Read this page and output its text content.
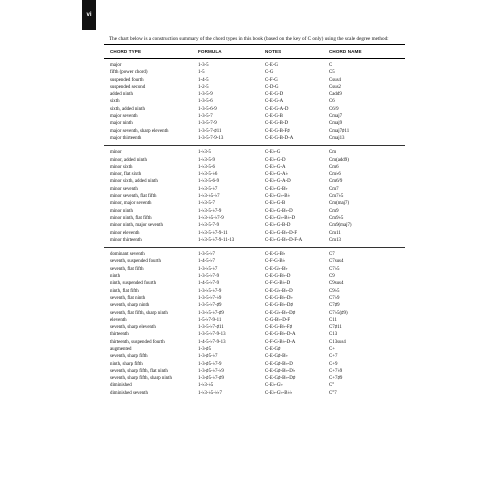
vi
The chart below is a construction summary of the chord types in this book (based on the key of C only) using the scale degree method:
CHORD TYPE	FORMULA	NOTES	CHORD NAME
major	1-3-5	C-E-G	C
fifth (power chord)	1-5	C-G	C5
suspended fourth	1-4-5	C-F-G	Csus4
suspended second	1-2-5	C-D-G	Csus2
added ninth	1-3-5-9	C-E-G-D	Cadd9
sixth	1-3-5-6	C-E-G-A	C6
sixth, added ninth	1-3-5-6-9	C-E-G-A-D	C6/9
major seventh	1-3-5-7	C-E-G-B	Cmaj7
major ninth	1-3-5-7-9	C-E-G-B-D	Cmaj9
major seventh, sharp eleventh	1-3-5-7-♯11	C-E-G-B-F♯	Cmaj7♯11
major thirteenth	1-3-5-7-9-13	C-E-G-B-D-A	Cmaj13
minor	1-♭3-5	C-E♭-G	Cm
minor, added ninth	1-♭3-5-9	C-E♭-G-D	Cm(add9)
minor sixth	1-♭3-5-6	C-E♭-G-A	Cm6
minor, flat sixth	1-♭3-5-♭6	C-E♭-G-A♭	Cm♭6
minor sixth, added ninth	1-♭3-5-6-9	C-E♭-G-A-D	Cm6/9
minor seventh	1-♭3-5-♭7	C-E♭-G-B♭	Cm7
minor seventh, flat fifth	1-♭3-♭5-♭7	C-E♭-G♭-B♭	Cm7♭5
minor, major seventh	1-♭3-5-7	C-E♭-G-B	Cm(maj7)
minor ninth	1-♭3-5-♭7-9	C-E♭-G-B♭-D	Cm9
minor ninth, flat fifth	1-♭3-♭5-♭7-9	C-E♭-G♭-B♭-D	Cm9♭5
minor ninth, major seventh	1-♭3-5-7-9	C-E♭-G-B-D	Cm9(maj7)
minor eleventh	1-♭3-5-♭7-9-11	C-E♭-G-B♭-D-F	Cm11
minor thirteenth	1-♭3-5-♭7-9-11-13	C-E♭-G-B♭-D-F-A	Cm13
dominant seventh	1-3-5-♭7	C-E-G-B♭	C7
seventh, suspended fourth	1-4-5-♭7	C-F-G-B♭	C7sus4
seventh, flat fifth	1-3-♭5-♭7	C-E-G♭-B♭	C7♭5
ninth	1-3-5-♭7-9	C-E-G-B♭-D	C9
ninth, suspended fourth	1-4-5-♭7-9	C-F-G-B♭-D	C9sus4
ninth, flat fifth	1-3-♭5-♭7-9	C-E-G♭-B♭-D	C9♭5
seventh, flat ninth	1-3-5-♭7-♭9	C-E-G-B♭-D♭	C7♭9
seventh, sharp ninth	1-3-5-♭7-♯9	C-E-G-B♭-D♯	C7♯9
seventh, flat fifth, sharp ninth	1-3-♭5-♭7-♯9	C-E-G♭-B♭-D♯	C7♭5(♯9)
eleventh	1-5-♭7-9-11	C-G-B♭-D-F	C11
seventh, sharp eleventh	1-3-5-♭7-♯11	C-E-G-B♭-F♯	C7♯11
thirteenth	1-3-5-♭7-9-13	C-E-G-B♭-D-A	C13
thirteenth, suspended fourth	1-4-5-♭7-9-13	C-F-G-B♭-D-A	C13sus4
augmented	1-3-♯5	C-E-G♯	C+
seventh, sharp fifth	1-3-♯5-♭7	C-E-G♯-B♭	C+7
ninth, sharp fifth	1-3-♯5-♭7-9	C-E-G♯-B♭-D	C+9
seventh, sharp fifth, flat ninth	1-3-♯5-♭7-♭9	C-E-G♯-B♭-D♭	C+7♭9
seventh, sharp fifth, sharp ninth	1-3-♯5-♭7-♯9	C-E-G♯-B♭-D♯	C+7♯9
diminished	1-♭3-♭5	C-E♭-G♭	C°
diminished seventh	1-♭3-♭5-♭♭7	C-E♭-G♭-B♭♭	C°7
